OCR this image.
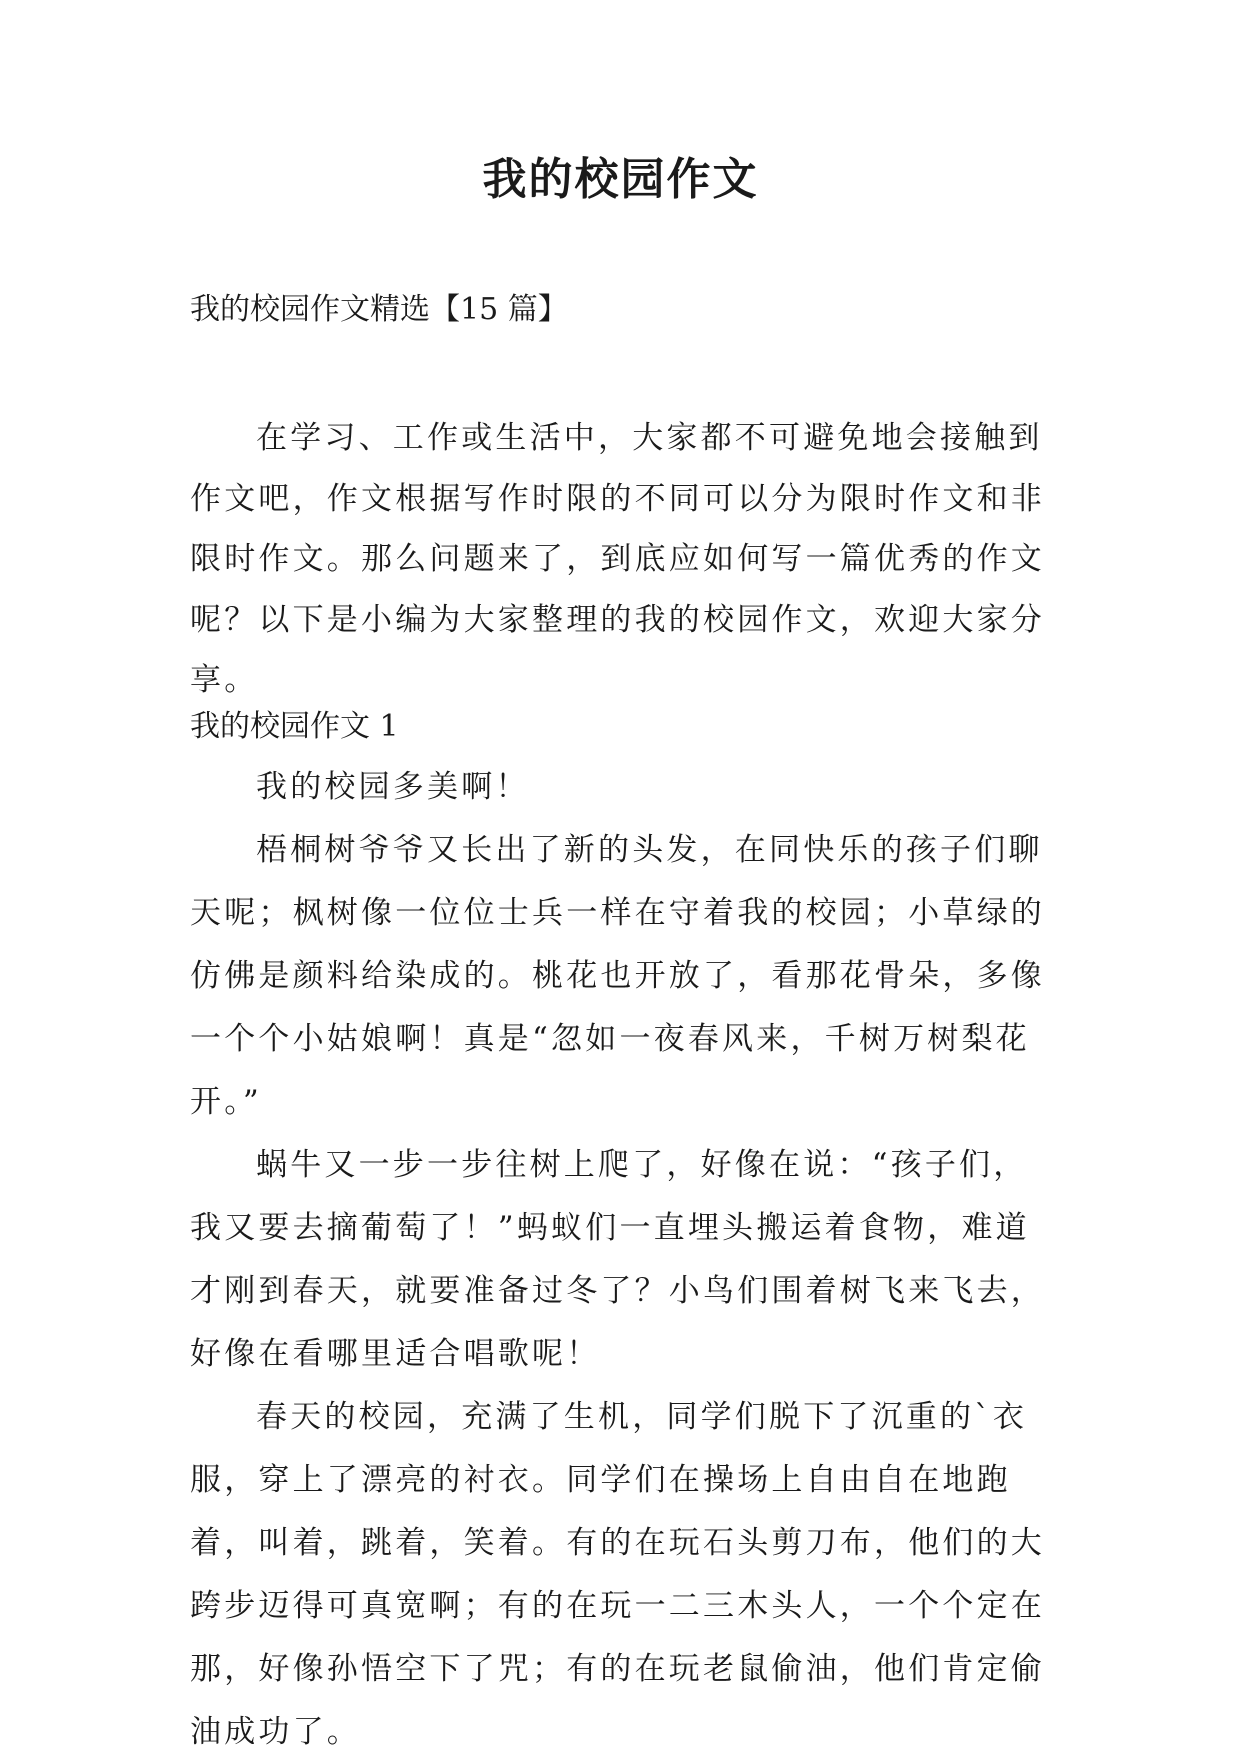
我的校园作文

我的校园作文精选【15 篇】

在学习、工作或生活中，大家都不可避免地会接触到作文吧，作文根据写作时限的不同可以分为限时作文和非限时作文。那么问题来了，到底应如何写一篇优秀的作文呢？以下是小编为大家整理的我的校园作文，欢迎大家分享。

我的校园作文 1

我的校园多美啊！

梧桐树爷爷又长出了新的头发，在同快乐的孩子们聊天呢；枫树像一位位士兵一样在守着我的校园；小草绿的仿佛是颜料给染成的。桃花也开放了，看那花骨朵，多像一个个小姑娘啊！真是“忽如一夜春风来，千树万树梨花开。”

蜗牛又一步一步往树上爬了，好像在说：“孩子们，我又要去摘葡萄了！”蚂蚁们一直埋头搬运着食物，难道才刚到春天，就要准备过冬了？小鸟们围着树飞来飞去，好像在看哪里适合唱歌呢！

春天的校园，充满了生机，同学们脱下了沉重的`衣服，穿上了漂亮的衬衣。同学们在操场上自由自在地跑着，叫着，跳着，笑着。有的在玩石头剪刀布，他们的大跨步迈得可真宽啊；有的在玩一二三木头人，一个个定在那，好像孙悟空下了咒；有的在玩老鼠偷油，他们肯定偷油成功了。
